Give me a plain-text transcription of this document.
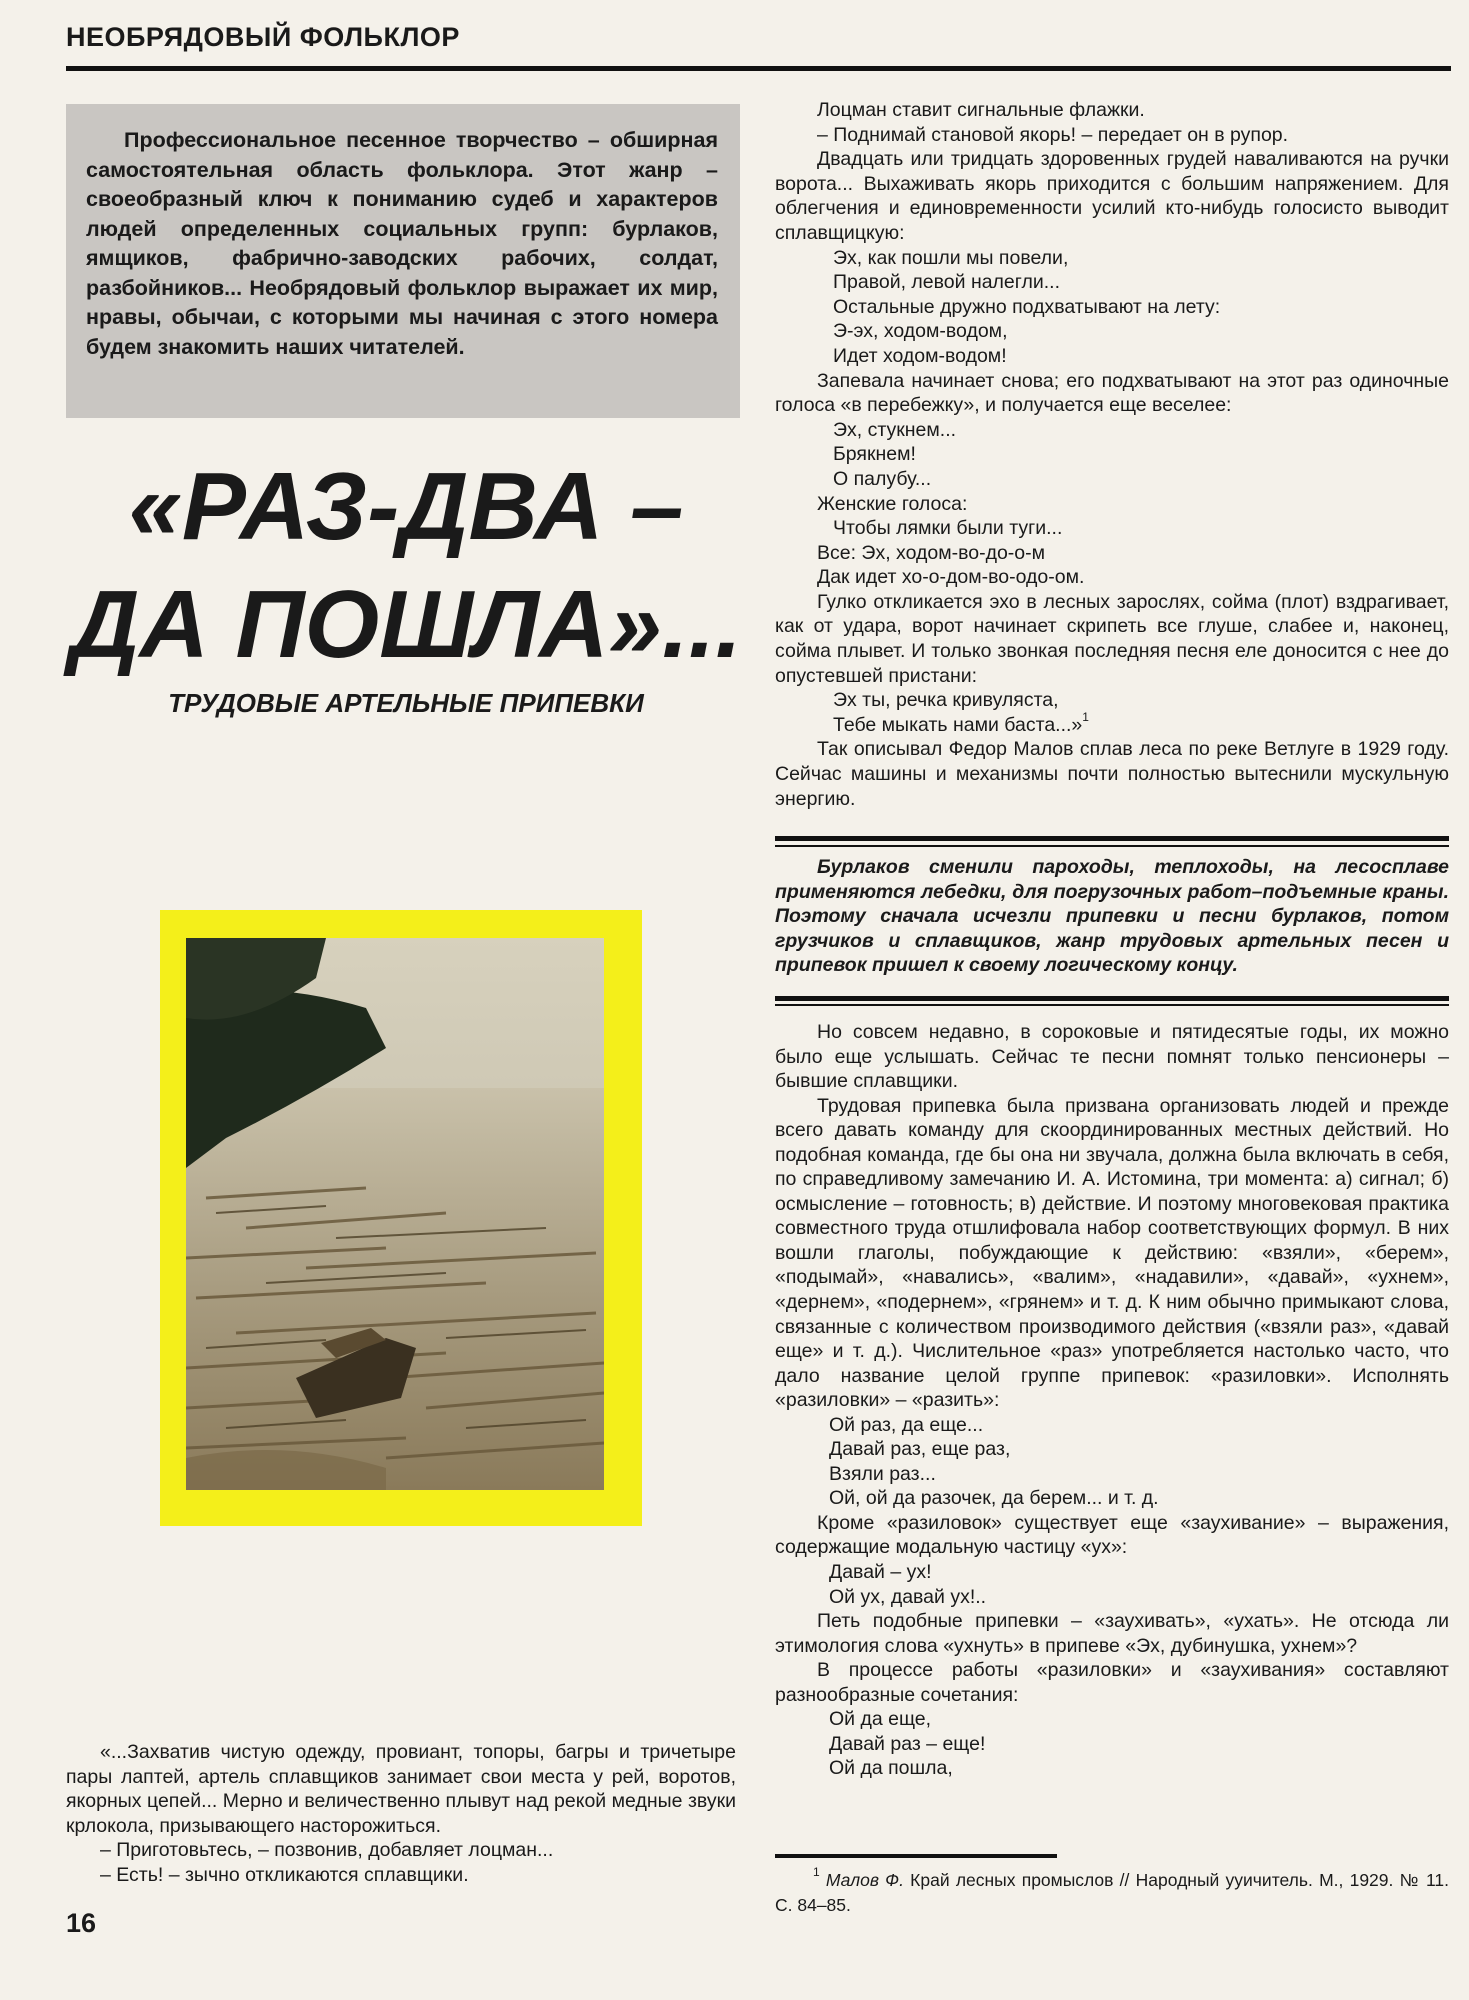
НЕОБРЯДОВЫЙ ФОЛЬКЛОР
Профессиональное песенное творчество – обширная самостоятельная область фольклора. Этот жанр – своеобразный ключ к пониманию судеб и характеров людей определенных социальных групп: бурлаков, ямщиков, фабрично-заводских рабочих, солдат, разбойников... Необрядовый фольклор выражает их мир, нравы, обычаи, с которыми мы начиная с этого номера будем знакомить наших читателей.
«РАЗ-ДВА –
ДА ПОШЛА»...
ТРУДОВЫЕ АРТЕЛЬНЫЕ ПРИПЕВКИ

«...Захватив чистую одежду, провиант, топоры, багры и тричетыре пары лаптей, артель сплавщиков занимает свои места у рей, воротов, якорных цепей... Мерно и величественно плывут над рекой медные звуки крлокола, призывающего насторожиться.

– Приготовьтесь, – позвонив, добавляет лоцман...

– Есть! – зычно откликаются сплавщики.

16

Лоцман ставит сигнальные флажки.

– Поднимай становой якорь! – передает он в рупор.

Двадцать или тридцать здоровенных грудей наваливаются на ручки ворота... Выхаживать якорь приходится с большим напряжением. Для облегчения и единовременности усилий кто-нибудь голосисто выводит сплавщицкую:

Эх, как пошли мы повели,
Правой, левой налегли...
Остальные дружно подхватывают на лету:
Э-эх, ходом-водом,
Идет ходом-водом!

Запевала начинает снова; его подхватывают на этот раз одиночные голоса «в перебежку», и получается еще веселее:

Эх, стукнем...
Брякнем!
О палубу...
Женские голоса:
Чтобы лямки были туги...
Все: Эх, ходом-во-до-о-м
Дак идет хо-о-дом-во-одо-ом.

Гулко откликается эхо в лесных зарослях, сойма (плот) вздрагивает, как от удара, ворот начинает скрипеть все глуше, слабее и, наконец, сойма плывет. И только звонкая последняя песня еле доносится с нее до опустевшей пристани:

Эх ты, речка кривуляста,
Тебе мыкать нами баста...»$^1$

Так описывал Федор Малов сплав леса по реке Ветлуге в 1929 году. Сейчас машины и механизмы почти полностью вытеснили мускульную энергию.

Бурлаков сменили пароходы, теплоходы, на лесосплаве применяются лебедки, для погрузочных работ–подъемные краны. Поэтому сначала исчезли припевки и песни бурлаков, потом грузчиков и сплавщиков, жанр трудовых артельных песен и припевок пришел к своему логическому концу.

Но совсем недавно, в сороковые и пятидесятые годы, их можно было еще услышать. Сейчас те песни помнят только пенсионеры – бывшие сплавщики.

Трудовая припевка была призвана организовать людей и прежде всего давать команду для скоординированных местных действий. Но подобная команда, где бы она ни звучала, должна была включать в себя, по справедливому замечанию И. А. Истомина, три момента: а) сигнал; б) осмысление – готовность; в) действие. И поэтому многовековая практика совместного труда отшлифовала набор соответствующих формул. В них вошли глаголы, побуждающие к действию: «взяли», «берем», «подымай», «навались», «валим», «надавили», «давай», «ухнем», «дернем», «подернем», «грянем» и т. д. К ним обычно примыкают слова, связанные с количеством производимого действия («взяли раз», «давай еще» и т. д.). Числительное «раз» употребляется настолько часто, что дало название целой группе припевок: «разиловки». Исполнять «разиловки» – «разить»:

Ой раз, да еще...
Давай раз, еще раз,
Взяли раз...
Ой, ой да разочек, да берем... и т. д.

Кроме «разиловок» существует еще «заухивание» – выражения, содержащие модальную частицу «ух»:

Давай – ух!
Ой ух, давай ух!..

Петь подобные припевки – «заухивать», «ухать». Не отсюда ли этимология слова «ухнуть» в припеве «Эх, дубинушка, ухнем»?

В процессе работы «разиловки» и «заухивания» составляют разнообразные сочетания:

Ой да еще,
Давай раз – еще!
Ой да пошла,
$^1$ Малов Ф. Край лесных промыслов // Народный ууичитель. М., 1929. № 11. С. 84–85.
